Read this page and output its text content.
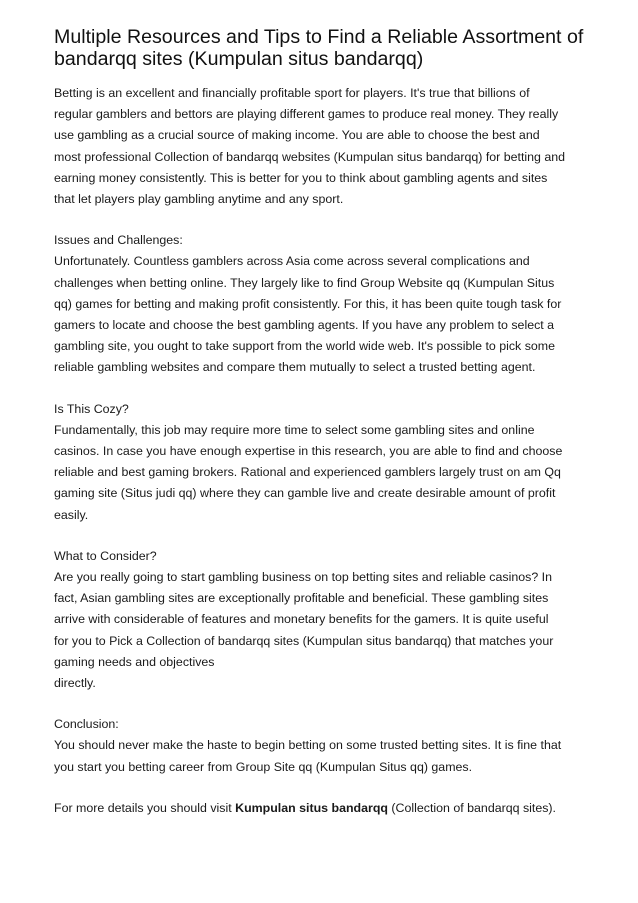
Multiple Resources and Tips to Find a Reliable Assortment of
bandarqq sites (Kumpulan situs bandarqq)

Betting is an excellent and financially profitable sport for players. It's true that billions of
regular gamblers and bettors are playing different games to produce real money. They really
use gambling as a crucial source of making income. You are able to choose the best and
most professional Collection of bandarqq websites (Kumpulan situs bandarqq) for betting and
earning money consistently. This is better for you to think about gambling agents and sites
that let players play gambling anytime and any sport.

Issues and Challenges:
Unfortunately. Countless gamblers across Asia come across several complications and
challenges when betting online. They largely like to find Group Website qq (Kumpulan Situs
qq) games for betting and making profit consistently. For this, it has been quite tough task for
gamers to locate and choose the best gambling agents. If you have any problem to select a
gambling site, you ought to take support from the world wide web. It's possible to pick some
reliable gambling websites and compare them mutually to select a trusted betting agent.

Is This Cozy?
Fundamentally, this job may require more time to select some gambling sites and online
casinos. In case you have enough expertise in this research, you are able to find and choose
reliable and best gaming brokers. Rational and experienced gamblers largely trust on am Qq
gaming site (Situs judi qq) where they can gamble live and create desirable amount of profit
easily.

What to Consider?
Are you really going to start gambling business on top betting sites and reliable casinos? In
fact, Asian gambling sites are exceptionally profitable and beneficial. These gambling sites
arrive with considerable of features and monetary benefits for the gamers. It is quite useful
for you to Pick a Collection of bandarqq sites (Kumpulan situs bandarqq) that matches your
gaming needs and objectives
directly.

Conclusion:
You should never make the haste to begin betting on some trusted betting sites. It is fine that
you start you betting career from Group Site qq (Kumpulan Situs qq) games.

For more details you should visit Kumpulan situs bandarqq (Collection of bandarqq sites).
